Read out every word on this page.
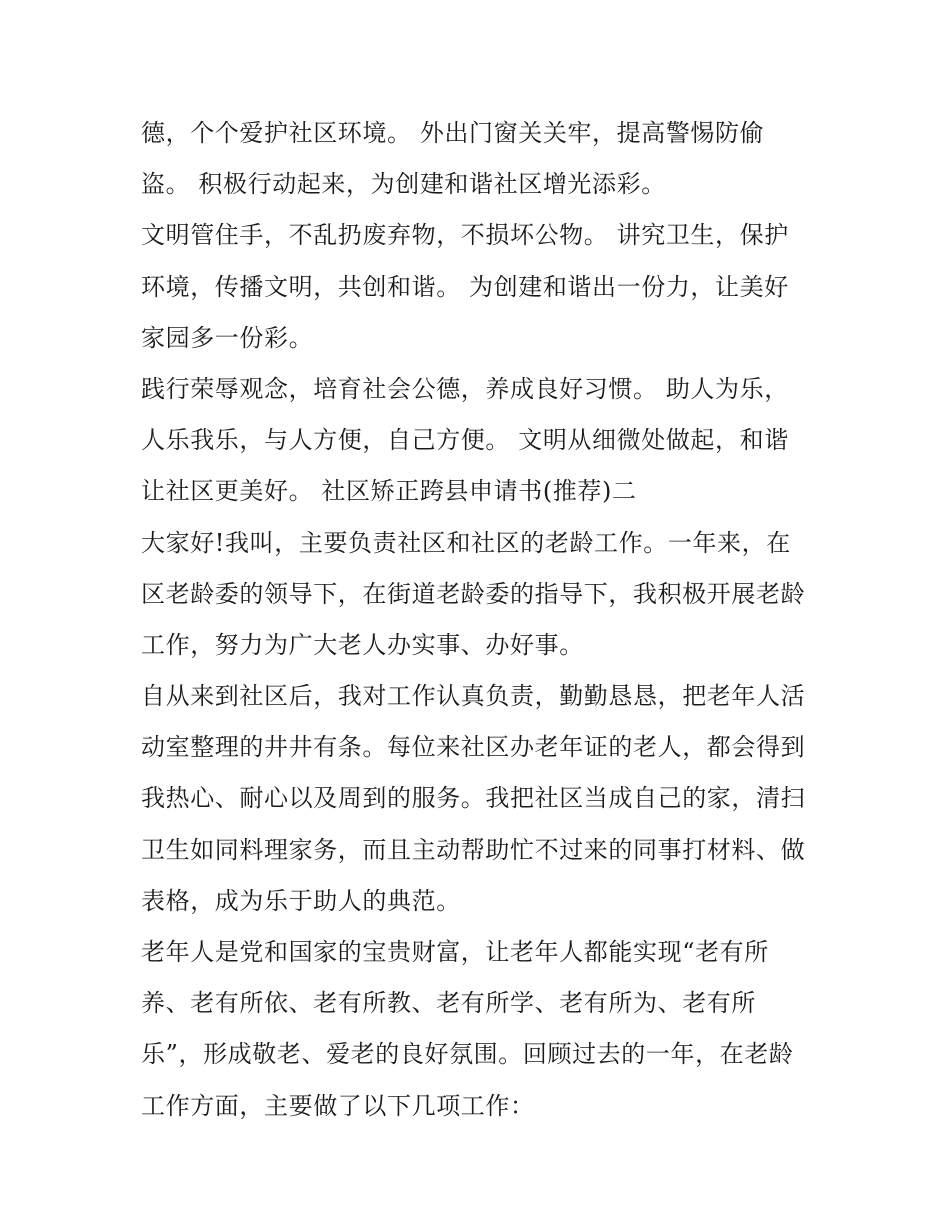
德，个个爱护社区环境。 外出门窗关关牢，提高警惕防偷
盗。 积极行动起来，为创建和谐社区增光添彩。
文明管住手，不乱扔废弃物，不损坏公物。 讲究卫生，保护
环境，传播文明，共创和谐。 为创建和谐出一份力，让美好
家园多一份彩。
践行荣辱观念，培育社会公德，养成良好习惯。 助人为乐，
人乐我乐，与人方便，自己方便。 文明从细微处做起，和谐
让社区更美好。 社区矫正跨县申请书(推荐)二
大家好!我叫，主要负责社区和社区的老龄工作。一年来，在
区老龄委的领导下，在街道老龄委的指导下，我积极开展老龄
工作，努力为广大老人办实事、办好事。
自从来到社区后，我对工作认真负责，勤勤恳恳，把老年人活
动室整理的井井有条。每位来社区办老年证的老人，都会得到
我热心、耐心以及周到的服务。我把社区当成自己的家，清扫
卫生如同料理家务，而且主动帮助忙不过来的同事打材料、做
表格，成为乐于助人的典范。
老年人是党和国家的宝贵财富，让老年人都能实现“老有所
养、老有所依、老有所教、老有所学、老有所为、老有所
乐”，形成敬老、爱老的良好氛围。回顾过去的一年，在老龄
工作方面，主要做了以下几项工作：
